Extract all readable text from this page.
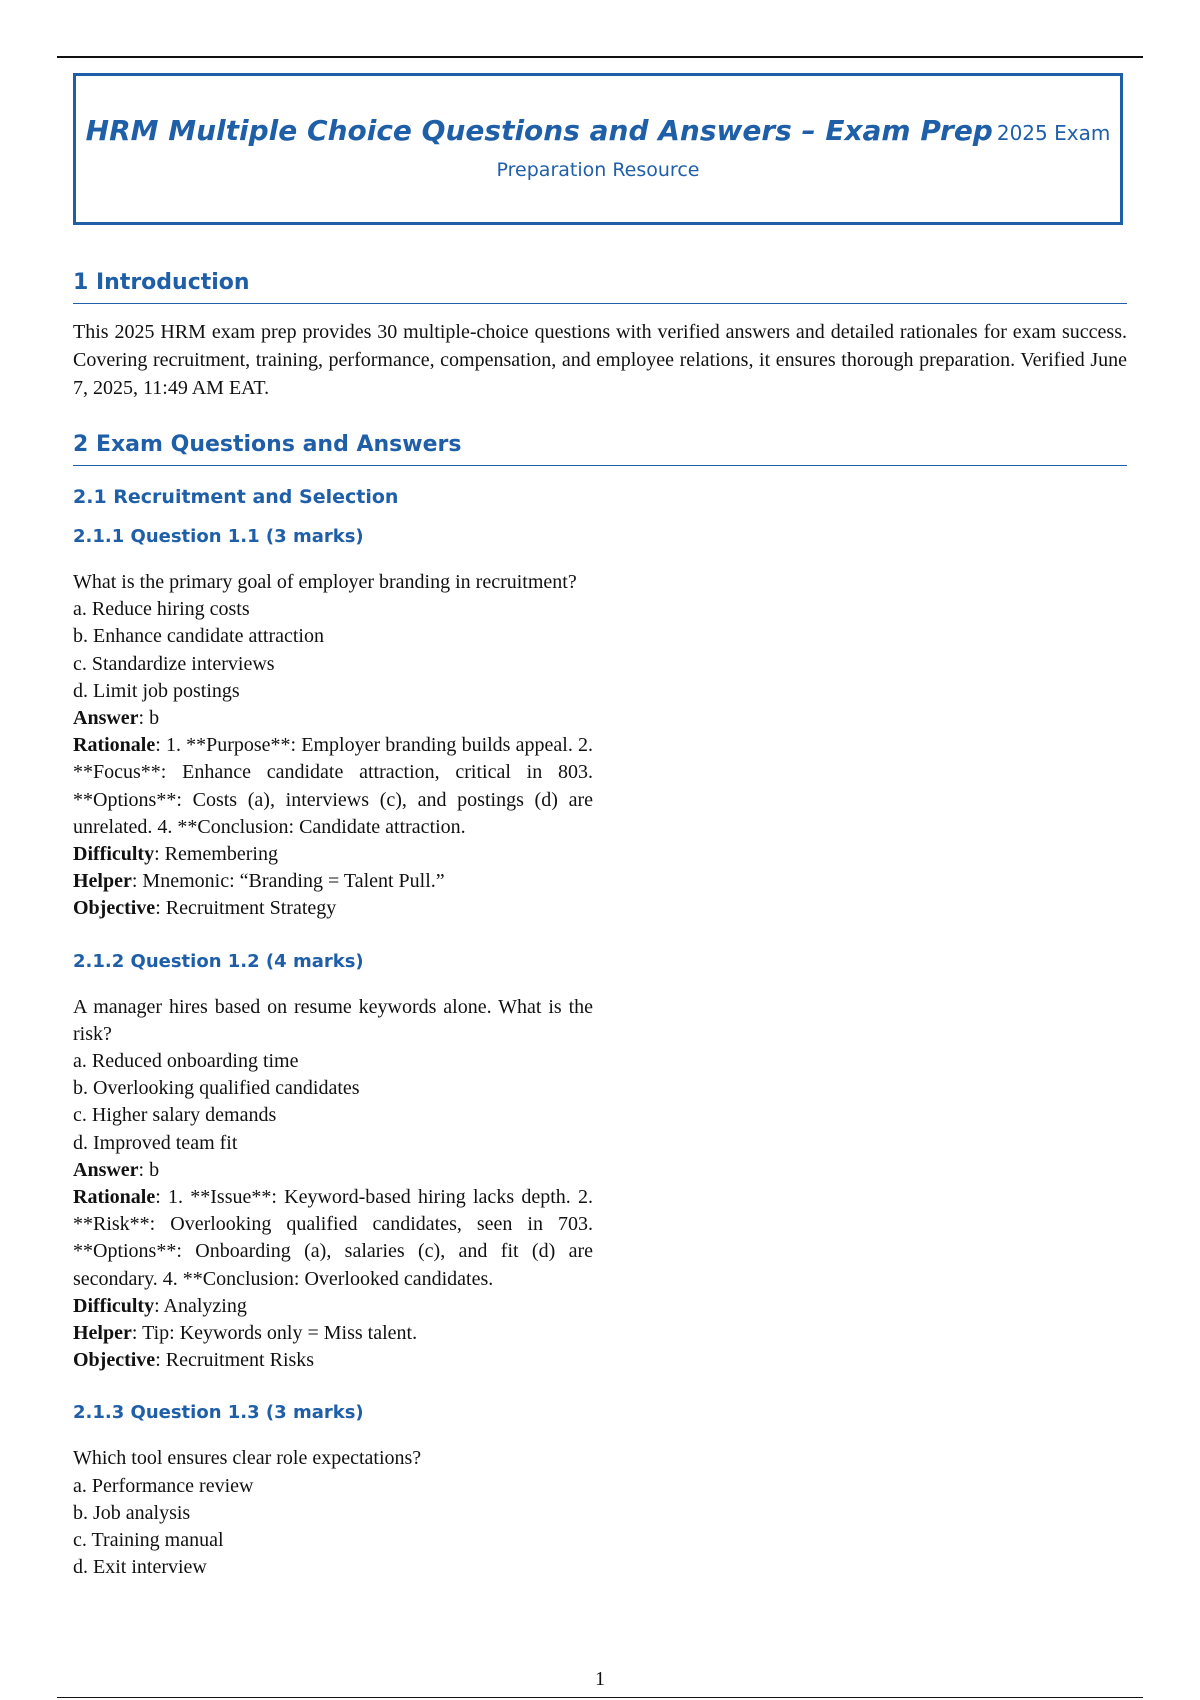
HRM Multiple Choice Questions and Answers – Exam Prep 2025 Exam
Preparation Resource
1 Introduction

This 2025 HRM exam prep provides 30 multiple-choice questions with verified answers and detailed rationales for exam success. Covering recruitment, training, performance, compensation, and employee relations, it ensures thorough preparation. Verified June 7, 2025, 11:49 AM EAT.

2 Exam Questions and Answers
2.1 Recruitment and Selection
2.1.1 Question 1.1 (3 marks)
What is the primary goal of employer branding in recruitment?
a. Reduce hiring costs
b. Enhance candidate attraction
c. Standardize interviews
d. Limit job postings
Answer: b
Rationale: 1. **Purpose**: Employer branding builds appeal. 2. **Focus**: Enhance candidate attraction, critical in 803. **Options**: Costs (a), interviews (c), and postings (d) are unrelated. 4. **Conclusion: Candidate attraction.
Difficulty: Remembering
Helper: Mnemonic: “Branding = Talent Pull.”
Objective: Recruitment Strategy
2.1.2 Question 1.2 (4 marks)
A manager hires based on resume keywords alone. What is the risk?
a. Reduced onboarding time
b. Overlooking qualified candidates
c. Higher salary demands
d. Improved team fit
Answer: b
Rationale: 1. **Issue**: Keyword-based hiring lacks depth. 2. **Risk**: Overlooking qualified candidates, seen in 703. **Options**: Onboarding (a), salaries (c), and fit (d) are secondary. 4. **Conclusion: Overlooked candidates.
Difficulty: Analyzing
Helper: Tip: Keywords only = Miss talent.
Objective: Recruitment Risks
2.1.3 Question 1.3 (3 marks)
Which tool ensures clear role expectations?
a. Performance review
b. Job analysis
c. Training manual
d. Exit interview
1
